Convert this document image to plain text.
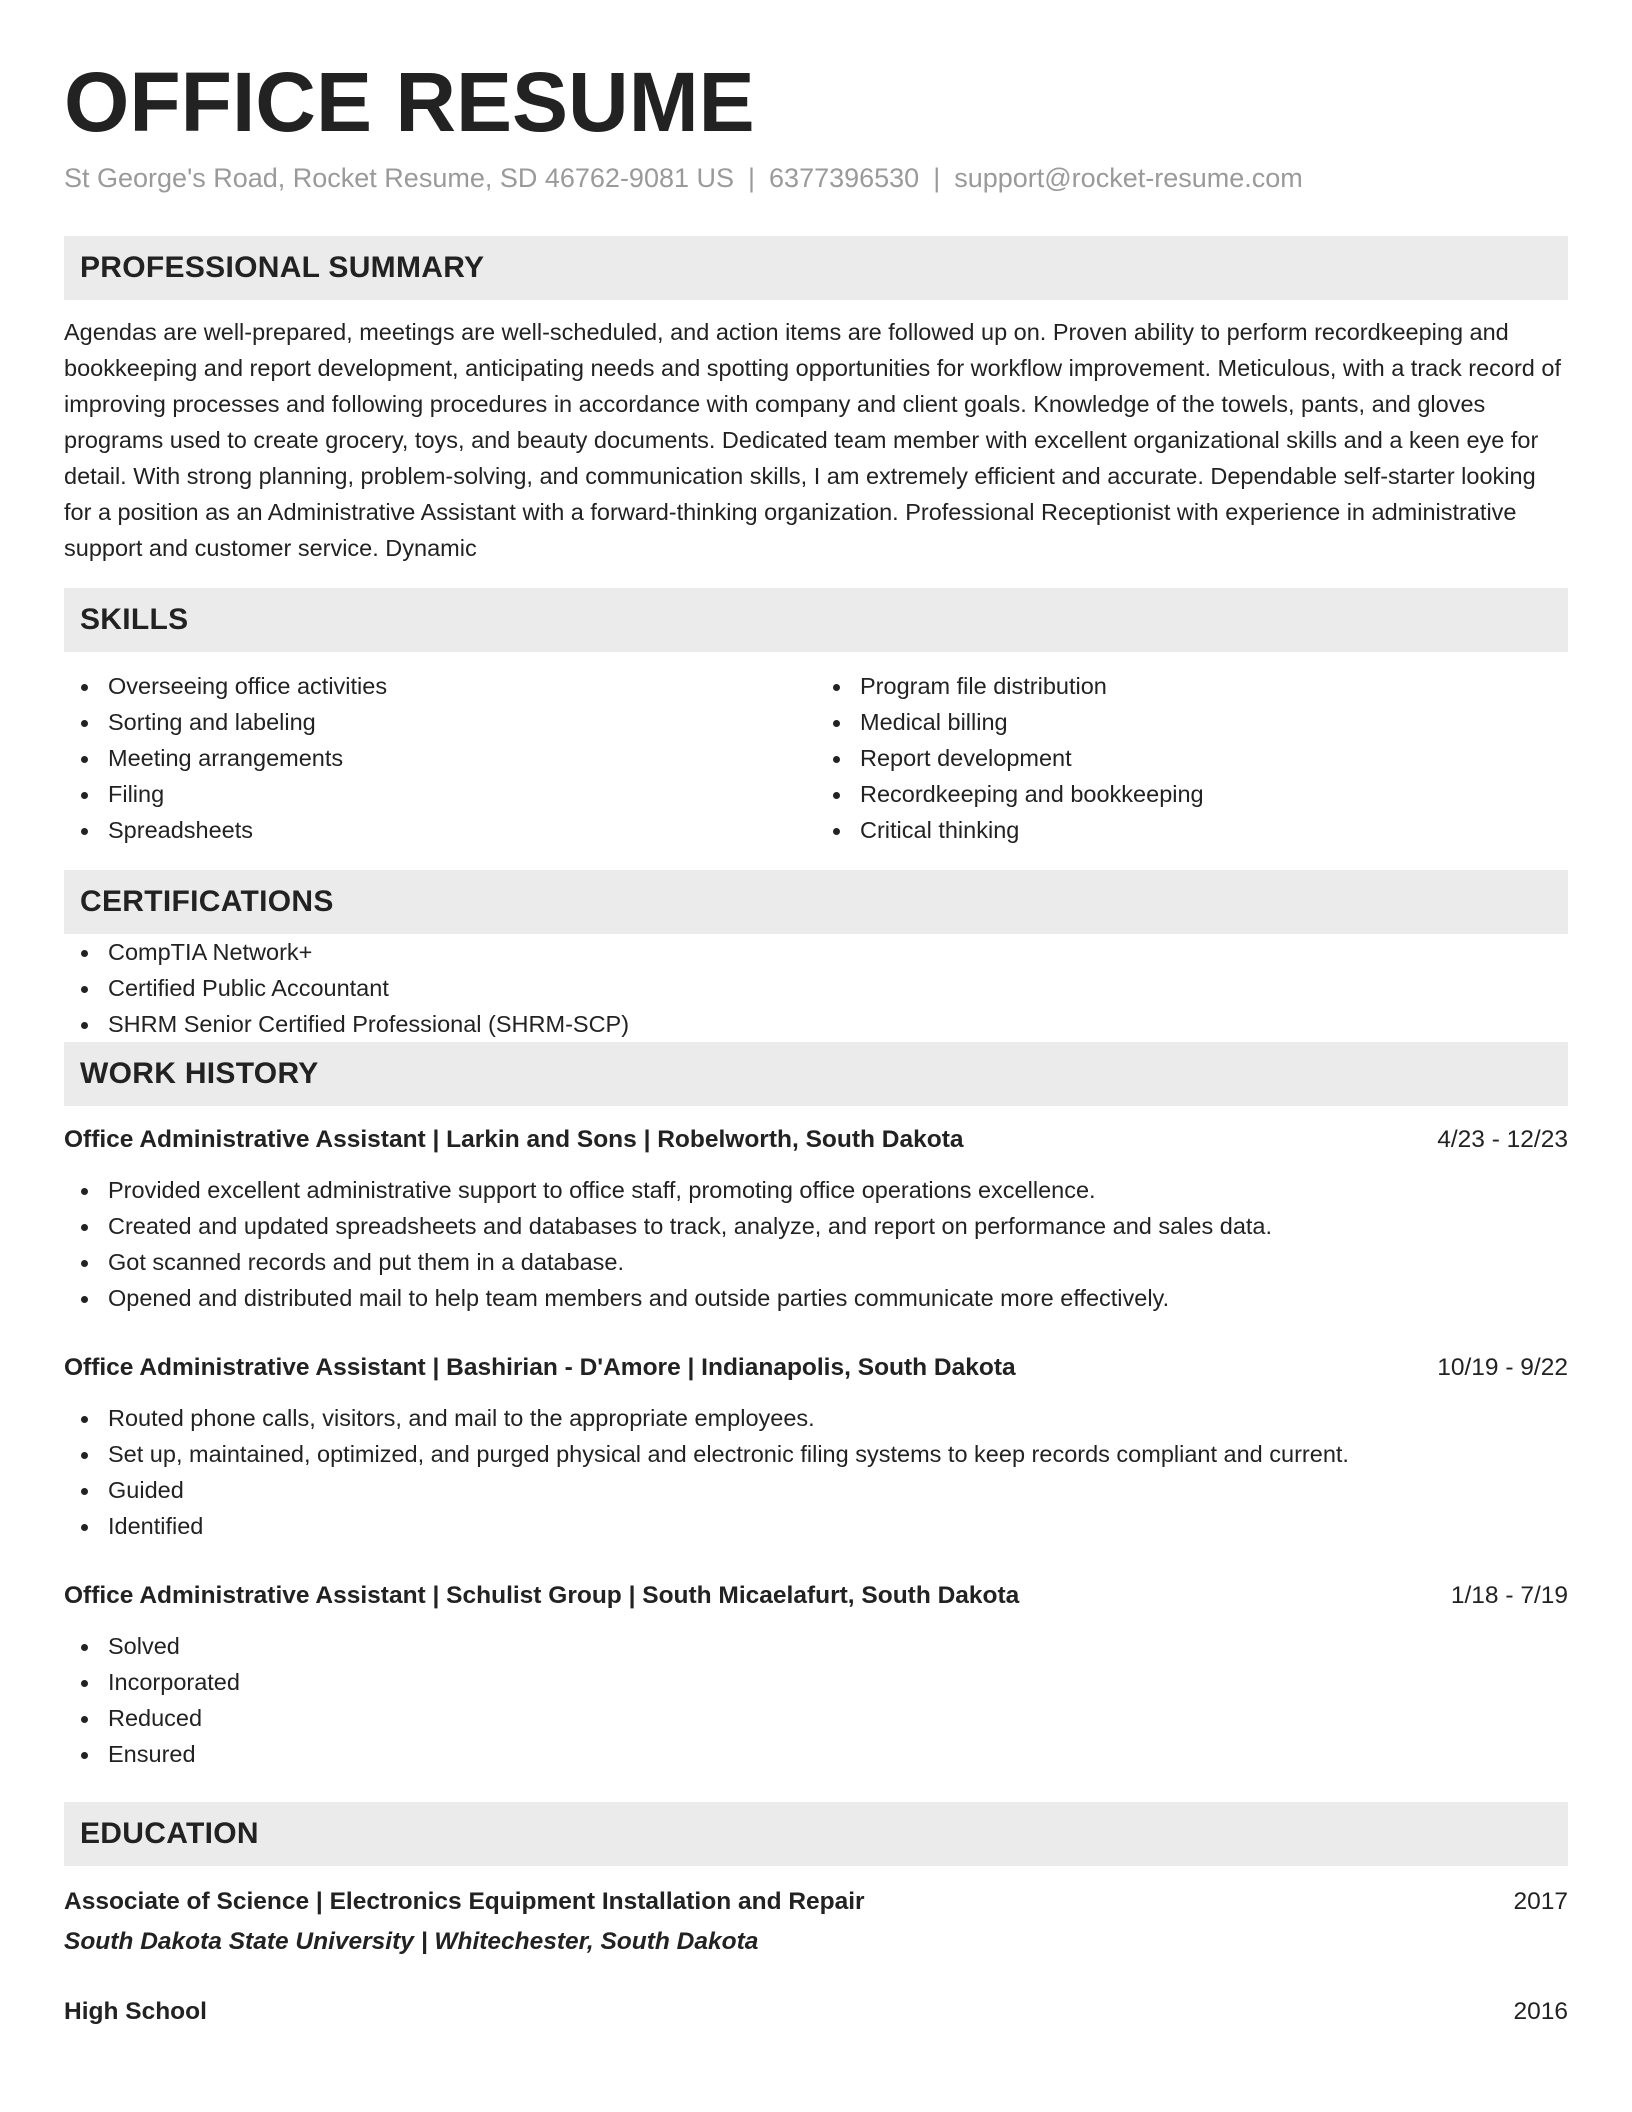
OFFICE RESUME
St George's Road, Rocket Resume, SD 46762-9081 US | 6377396530 | support@rocket-resume.com
PROFESSIONAL SUMMARY
Agendas are well-prepared, meetings are well-scheduled, and action items are followed up on. Proven ability to perform recordkeeping and bookkeeping and report development, anticipating needs and spotting opportunities for workflow improvement. Meticulous, with a track record of improving processes and following procedures in accordance with company and client goals. Knowledge of the towels, pants, and gloves programs used to create grocery, toys, and beauty documents. Dedicated team member with excellent organizational skills and a keen eye for detail. With strong planning, problem-solving, and communication skills, I am extremely efficient and accurate. Dependable self-starter looking for a position as an Administrative Assistant with a forward-thinking organization. Professional Receptionist with experience in administrative support and customer service. Dynamic
SKILLS
Overseeing office activities
Sorting and labeling
Meeting arrangements
Filing
Spreadsheets
Program file distribution
Medical billing
Report development
Recordkeeping and bookkeeping
Critical thinking
CERTIFICATIONS
CompTIA Network+
Certified Public Accountant
SHRM Senior Certified Professional (SHRM-SCP)
WORK HISTORY
Office Administrative Assistant | Larkin and Sons | Robelworth, South Dakota	4/23 - 12/23
Provided excellent administrative support to office staff, promoting office operations excellence.
Created and updated spreadsheets and databases to track, analyze, and report on performance and sales data.
Got scanned records and put them in a database.
Opened and distributed mail to help team members and outside parties communicate more effectively.
Office Administrative Assistant | Bashirian - D'Amore | Indianapolis, South Dakota	10/19 - 9/22
Routed phone calls, visitors, and mail to the appropriate employees.
Set up, maintained, optimized, and purged physical and electronic filing systems to keep records compliant and current.
Guided
Identified
Office Administrative Assistant | Schulist Group | South Micaelafurt, South Dakota	1/18 - 7/19
Solved
Incorporated
Reduced
Ensured
EDUCATION
Associate of Science | Electronics Equipment Installation and Repair	2017
South Dakota State University | Whitechester, South Dakota
High School	2016
